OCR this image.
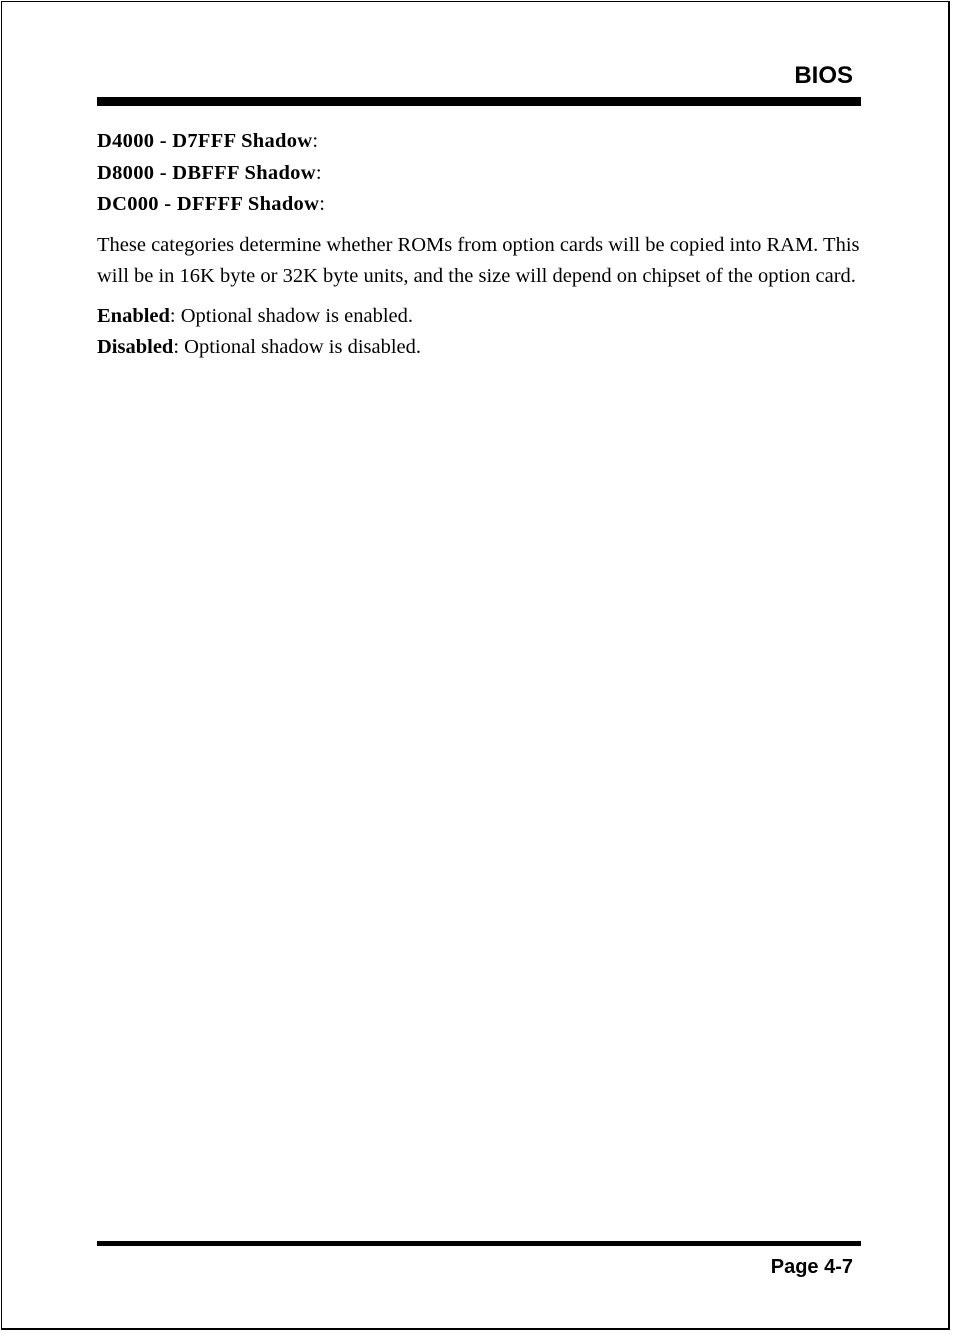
BIOS
D4000 - D7FFF Shadow:
D8000 - DBFFF Shadow:
DC000 - DFFFF Shadow:
These categories determine whether ROMs from option cards will be copied into RAM. This will be in 16K byte or 32K byte units, and the size will depend on chipset of the option card.
Enabled: Optional shadow is enabled.
Disabled: Optional shadow is disabled.
Page 4-7
